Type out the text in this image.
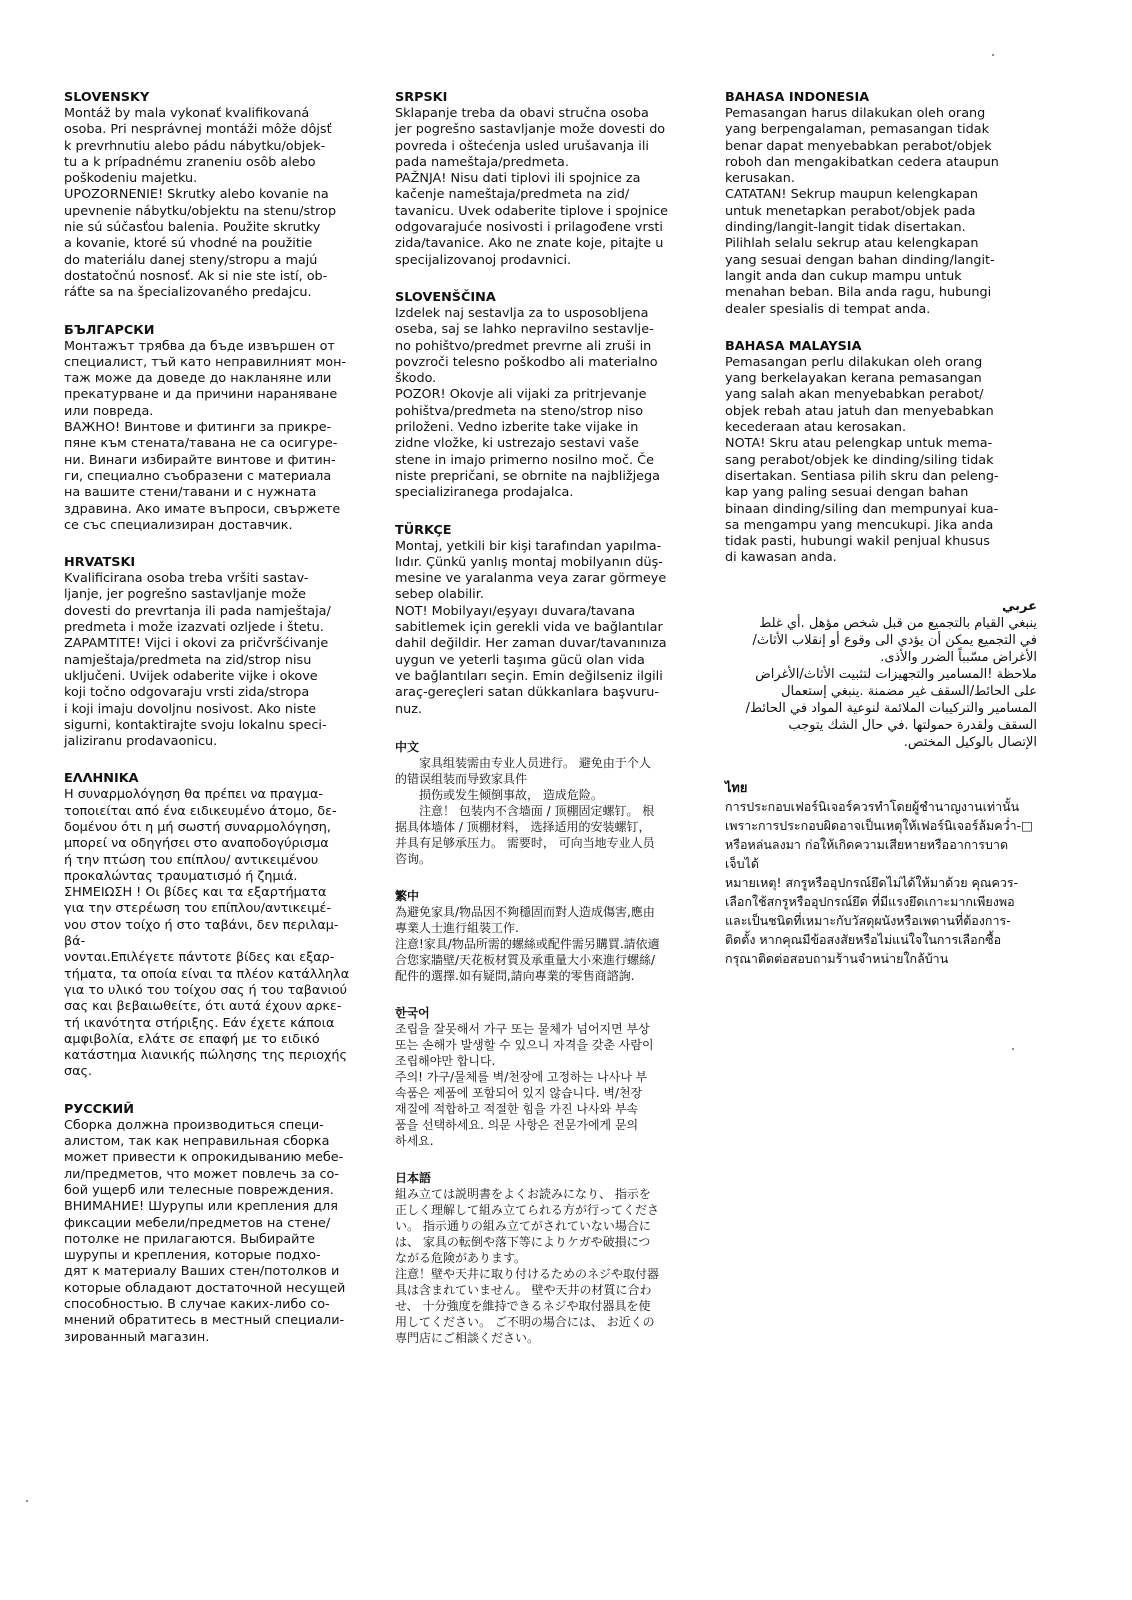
SLOVENSKY
Montáž by mala vykonať kvalifikovaná
osoba. Pri nesprávnej montáži môže dôjsť
k prevrhnutiu alebo pádu nábytku/objek-
tu a k prípadnému zraneniu osôb alebo
poškodeniu majetku.
UPOZORNENIE! Skrutky alebo kovanie na
upevnenie nábytku/objektu na stenu/strop
nie sú súčasťou balenia. Použite skrutky
a kovanie, ktoré sú vhodné na použitie
do materiálu danej steny/stropu a majú
dostatočnú nosnosť. Ak si nie ste istí, ob-
ráťte sa na špecializovaného predajcu.
БЪЛГАРСКИ
Монтажът трябва да бъде извършен от
специалист, тъй като неправилният мон-
таж може да доведе до накланяне или
прекатурване и да причини нараняване
или повреда.
ВАЖНО! Винтове и фитинги за прикре-
пяне към стената/тавана не са осигуре-
ни. Винаги избирайте винтове и фитин-
ги, специално съобразени с материала
на вашите стени/тавани и с нужната
здравина. Ако имате въпроси, свържете
се със специализиран доставчик.
HRVATSKI
Kvalificirana osoba treba vršiti sastav-
ljanje, jer pogrešno sastavljanje može
dovesti do prevrtanja ili pada namještaja/
predmeta i može izazvati ozljede i štetu.
ZAPAMTITE! Vijci i okovi za pričvršćivanje
namještaja/predmeta na zid/strop nisu
uključeni. Uvijek odaberite vijke i okove
koji točno odgovaraju vrsti zida/stropa
i koji imaju dovoljnu nosivost. Ako niste
sigurni, kontaktirajte svoju lokalnu speci-
jaliziranu prodavaonicu.
ΕΛΛΗΝΙΚΑ
Η συναρμολόγηση θα πρέπει να πραγμα-
τοποιείται από ένα ειδικευμένο άτομο, δε-
δομένου ότι η μή σωστή συναρμολόγηση,
μπορεί να οδηγήσει στο αναποδογύρισμα
ή την πτώση του επίπλου/ αντικειμένου
προκαλώντας τραυματισμό ή ζημιά.
ΣΗΜΕΙΩΣΗ ! Οι βίδες και τα εξαρτήματα
για την στερέωση του επίπλου/αντικειμέ-
νου στον τοίχο ή στο ταβάνι, δεν περιλαμ-
βά-
νονται.Επιλέγετε πάντοτε βίδες και εξαρ-
τήματα, τα οποία είναι τα πλέον κατάλληλα
για το υλικό του τοίχου σας ή του ταβανιού
σας και βεβαιωθείτε, ότι αυτά έχουν αρκε-
τή ικανότητα στήριξης. Εάν έχετε κάποια
αμφιβολία, ελάτε σε επαφή με το ειδικό
κατάστημα λιανικής πώλησης της περιοχής
σας.
РУССКИЙ
Сборка должна производиться специ-
алистом, так как неправильная сборка
может привести к опрокидыванию мебе-
ли/предметов, что может повлечь за со-
бой ущерб или телесные повреждения.
ВНИМАНИЕ! Шурупы или крепления для
фиксации мебели/предметов на стене/
потолке не прилагаются. Выбирайте
шурупы и крепления, которые подхо-
дят к материалу Ваших стен/потолков и
которые обладают достаточной несущей
способностью. В случае каких-либо со-
мнений обратитесь в местный специали-
зированный магазин.
SRPSKI
Sklapanje treba da obavi stručna osoba
jer pogrešno sastavljanje može dovesti do
povreda i oštećenja usled urušavanja ili
pada nameštaja/predmeta.
PAŽNJA! Nisu dati tiplovi ili spojnice za
kačenje nameštaja/predmeta na zid/
tavanicu. Uvek odaberite tiplove i spojnice
odgovarajuće nosivosti i prilagođene vrsti
zida/tavanice. Ako ne znate koje, pitajte u
specijalizovanoj prodavnici.
SLOVENŠČINA
Izdelek naj sestavlja za to usposobljena
oseba, saj se lahko nepravilno sestavlje-
no pohištvo/predmet prevrne ali zruši in
povzroči telesno poškodbo ali materialno
škodo.
POZOR! Okovje ali vijaki za pritrjevanje
pohištva/predmeta na steno/strop niso
priloženi. Vedno izberite take vijake in
zidne vložke, ki ustrezajo sestavi vaše
stene in imajo primerno nosilno moč. Če
niste prepričani, se obrnite na najbližjega
specializiranega prodajalca.
TÜRKÇE
Montaj, yetkili bir kişi tarafından yapılma-
lıdır. Çünkü yanlış montaj mobilyanın düş-
mesine ve yaralanma veya zarar görmeye
sebep olabilir.
NOT! Mobilyayı/eşyayı duvara/tavana
sabitlemek için gerekli vida ve bağlantılar
dahil değildir. Her zaman duvar/tavanınıza
uygun ve yeterli taşıma gücü olan vida
ve bağlantıları seçin. Emin değilseniz ilgili
araç-gereçleri satan dükkanlara başvuru-
nuz.
中文
　　家具组装需由专业人员进行。 避免由于个人
的错误组装而导致家具件
　　损伤或发生倾倒事故， 造成危险。
　　注意！ 包装内不含墙面 / 顶棚固定螺钉。 根
据具体墙体 / 顶棚材料， 选择适用的安装螺钉，
并具有足够承压力。 需要时， 可向当地专业人员
咨询。
繁中
為避免家具/物品因不夠穩固而對人造成傷害,應由
專業人士進行組裝工作.
注意!家具/物品所需的螺絲或配件需另購買.請依適
合您家牆壁/天花板材質及承重量大小來進行螺絲/
配件的選擇.如有疑問,請向專業的零售商諮詢.
한국어
조립을 잘못해서 가구 또는 물체가 넘어지면 부상
또는 손해가 발생할 수 있으니 자격을 갖춘 사람이
조립해야만 합니다.
주의! 가구/물체를 벽/천장에 고정하는 나사나 부
속품은 제품에 포함되어 있지 않습니다. 벽/천장
재질에 적합하고 적절한 힘을 가진 나사와 부속
품을 선택하세요. 의문 사항은 전문가에게 문의
하세요.
日本語
組み立ては説明書をよくお読みになり、 指示を
正しく理解して組み立てられる方が行ってくださ
い。 指示通りの組み立てがされていない場合に
は、 家具の転倒や落下等によりケガや破損につ
ながる危険があります。
注意！壁や天井に取り付けるためのネジや取付器
具は含まれていません。 壁や天井の材質に合わ
せ、 十分強度を維持できるネジや取付器具を使
用してください。 ご不明の場合には、 お近くの
専門店にご相談ください。
BAHASA INDONESIA
Pemasangan harus dilakukan oleh orang
yang berpengalaman, pemasangan tidak
benar dapat menyebabkan perabot/objek
roboh dan mengakibatkan cedera ataupun
kerusakan.
CATATAN! Sekrup maupun kelengkapan
untuk menetapkan perabot/objek pada
dinding/langit-langit tidak disertakan.
Pilihlah selalu sekrup atau kelengkapan
yang sesuai dengan bahan dinding/langit-
langit anda dan cukup mampu untuk
menahan beban. Bila anda ragu, hubungi
dealer spesialis di tempat anda.
BAHASA MALAYSIA
Pemasangan perlu dilakukan oleh orang
yang berkelayakan kerana pemasangan
yang salah akan menyebabkan perabot/
objek rebah atau jatuh dan menyebabkan
kecederaan atau kerosakan.
NOTA! Skru atau pelengkap untuk mema-
sang perabot/objek ke dinding/siling tidak
disertakan. Sentiasa pilih skru dan peleng-
kap yang paling sesuai dengan bahan
binaan dinding/siling dan mempunyai kua-
sa mengampu yang mencukupi. Jika anda
tidak pasti, hubungi wakil penjual khusus
di kawasan anda.
عربي
ينبغي القيام بالتجميع من قبل شخص مؤهل .أي غلط
في التجميع يمكن أن يؤدي الى وقوع أو إنقلاب الأثاث/
الأغراض مسّبباً الضرر والأذى.
ملاحظة !المسامير والتجهيزات لتثبيت الأثاث/الأغراض
على الحائط/السقف غير مضمنة .ينبغي إستعمال
المسامير والتركيبات الملائمة لنوعية المواد في الحائط/
السقف ولقدرة حمولتها .في حال الشك يتوجب
الإتصال بالوكيل المختص.
ไทย
การประกอบเฟอร์นิเจอร์ควรทำโดยผู้ชำนาญงานเท่านั้น
เพราะการประกอบผิดอาจเป็นเหตุให้เฟอร์นิเจอร์ล้มคว่ำ-□
หรือหล่นลงมา ก่อให้เกิดความเสียหายหรืออาการบาด
เจ็บได้
หมายเหตุ! สกรูหรืออุปกรณ์ยึดไม่ได้ให้มาด้วย คุณควร-
เลือกใช้สกรูหรืออุปกรณ์ยึด ที่มีแรงยึดเกาะมากเพียงพอ
และเป็นชนิดที่เหมาะกับวัสดุผนังหรือเพดานที่ต้องการ-
ติดตั้ง หากคุณมีข้อสงสัยหรือไม่แน่ใจในการเลือกซื้อ
กรุณาติดต่อสอบถามร้านจำหน่ายใกล้บ้าน
